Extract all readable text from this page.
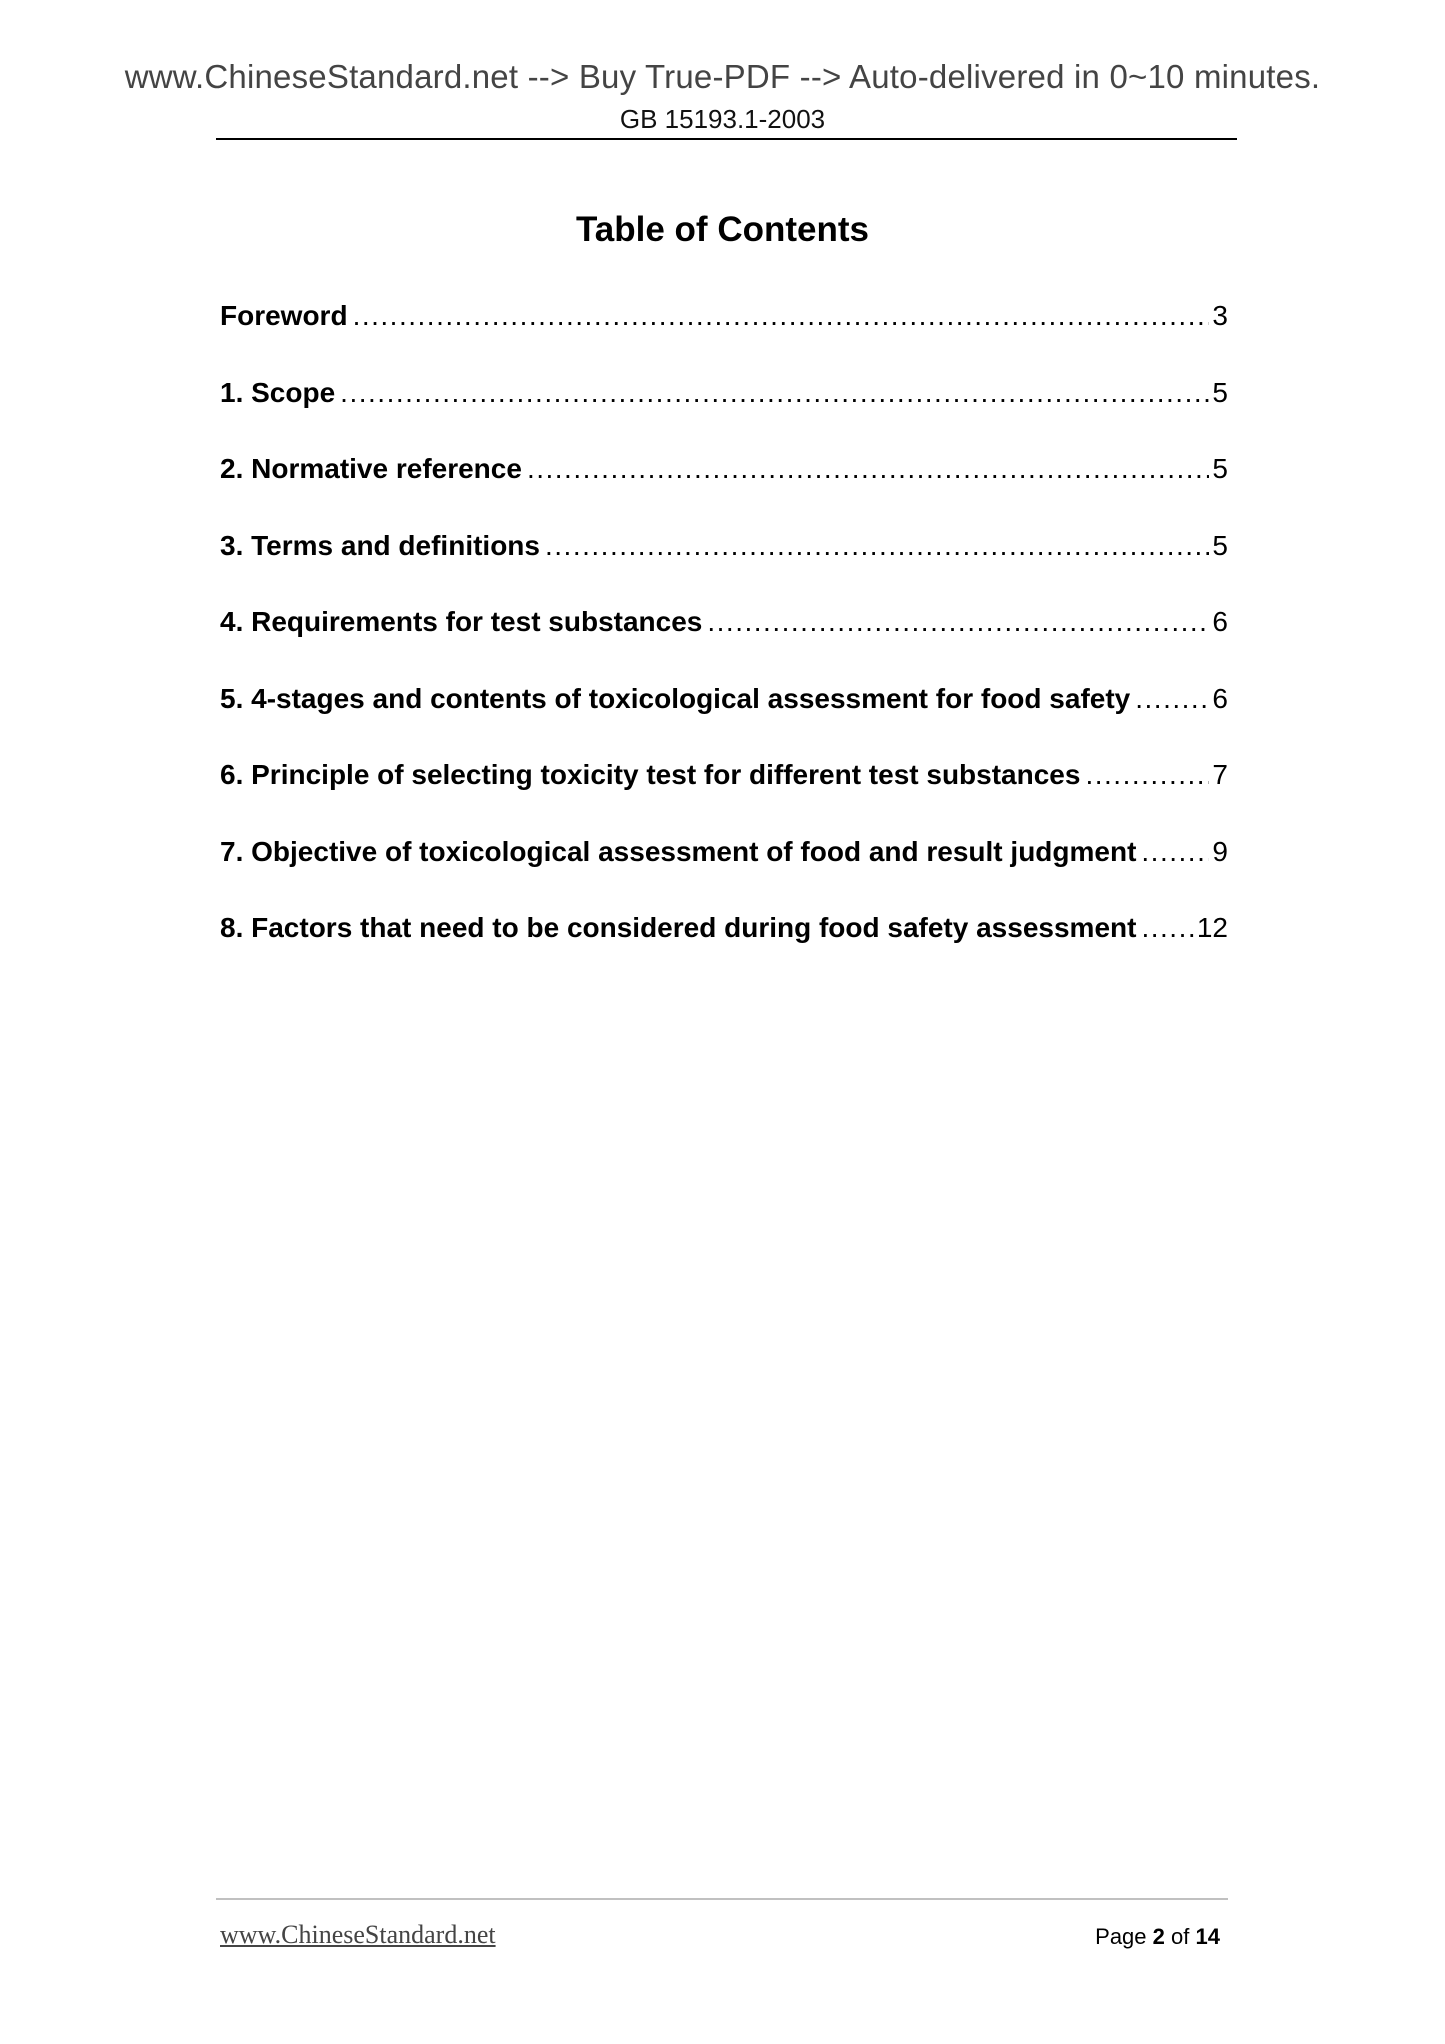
www.ChineseStandard.net --> Buy True-PDF --> Auto-delivered in 0~10 minutes.
GB 15193.1-2003
Table of Contents
Foreword .....	3
1. Scope .....	5
2. Normative reference .....	5
3. Terms and definitions .....	5
4. Requirements for test substances .....	6
5. 4-stages and contents of toxicological assessment for food safety .....	6
6. Principle of selecting toxicity test for different test substances .....	7
7. Objective of toxicological assessment of food and result judgment .....	9
8. Factors that need to be considered during food safety assessment ..... 12
www.ChineseStandard.net	Page 2 of 14
